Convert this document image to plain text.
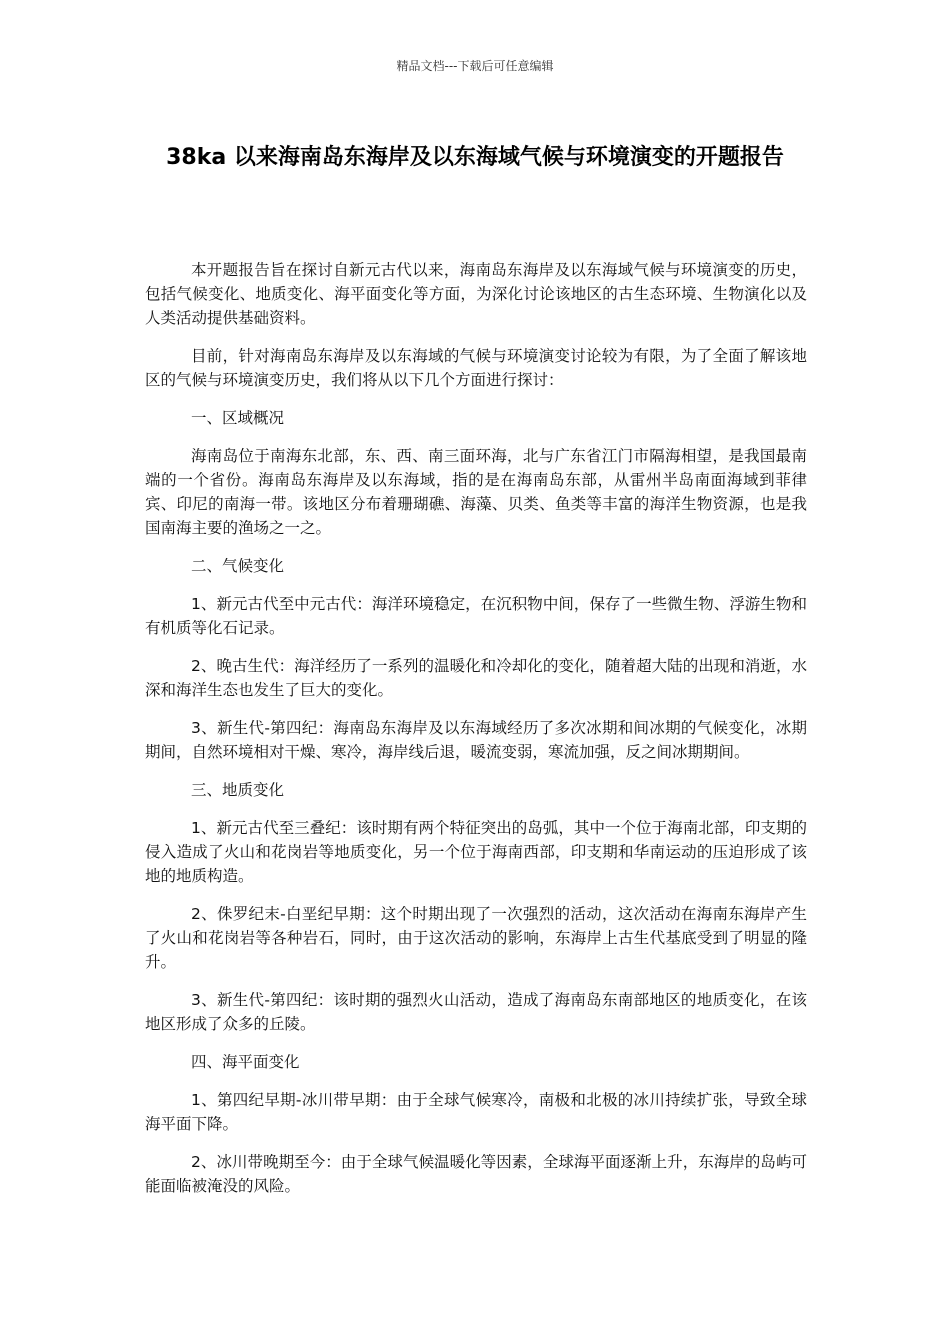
精品文档---下载后可任意编辑
38ka 以来海南岛东海岸及以东海域气候与环境演变的开题报告

本开题报告旨在探讨自新元古代以来，海南岛东海岸及以东海域气候与环境演变的历史，包括气候变化、地质变化、海平面变化等方面，为深化讨论该地区的古生态环境、生物演化以及人类活动提供基础资料。

目前，针对海南岛东海岸及以东海域的气候与环境演变讨论较为有限，为了全面了解该地区的气候与环境演变历史，我们将从以下几个方面进行探讨：

一、区域概况

海南岛位于南海东北部，东、西、南三面环海，北与广东省江门市隔海相望，是我国最南端的一个省份。海南岛东海岸及以东海域，指的是在海南岛东部，从雷州半岛南面海域到菲律宾、印尼的南海一带。该地区分布着珊瑚礁、海藻、贝类、鱼类等丰富的海洋生物资源，也是我国南海主要的渔场之一之。

二、气候变化

1、新元古代至中元古代：海洋环境稳定，在沉积物中间，保存了一些微生物、浮游生物和有机质等化石记录。

2、晚古生代：海洋经历了一系列的温暖化和冷却化的变化，随着超大陆的出现和消逝，水深和海洋生态也发生了巨大的变化。

3、新生代-第四纪：海南岛东海岸及以东海域经历了多次冰期和间冰期的气候变化，冰期期间，自然环境相对干燥、寒冷，海岸线后退，暖流变弱，寒流加强，反之间冰期期间。

三、地质变化

1、新元古代至三叠纪：该时期有两个特征突出的岛弧，其中一个位于海南北部，印支期的侵入造成了火山和花岗岩等地质变化，另一个位于海南西部，印支期和华南运动的压迫形成了该地的地质构造。

2、侏罗纪末-白垩纪早期：这个时期出现了一次强烈的活动，这次活动在海南东海岸产生了火山和花岗岩等各种岩石，同时，由于这次活动的影响，东海岸上古生代基底受到了明显的隆升。

3、新生代-第四纪：该时期的强烈火山活动，造成了海南岛东南部地区的地质变化，在该地区形成了众多的丘陵。

四、海平面变化

1、第四纪早期-冰川带早期：由于全球气候寒冷，南极和北极的冰川持续扩张，导致全球海平面下降。

2、冰川带晚期至今：由于全球气候温暖化等因素，全球海平面逐渐上升，东海岸的岛屿可能面临被淹没的风险。
